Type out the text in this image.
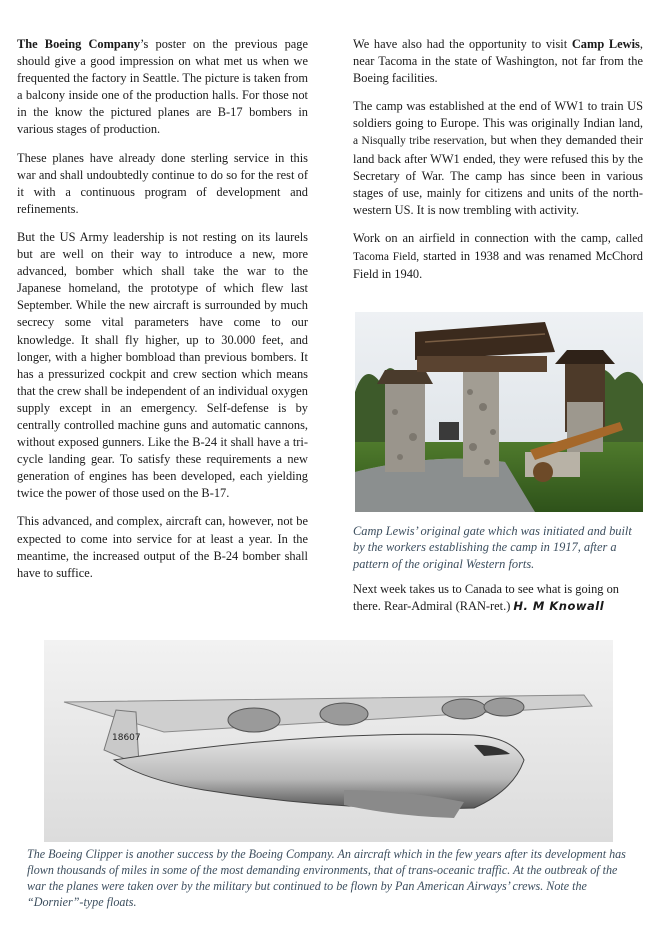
The Boeing Company’s poster on the previous page should give a good impression on what met us when we frequented the factory in Seattle. The picture is taken from a balcony inside one of the production halls. For those not in the know the pictured planes are B-17 bombers in various stages of production.

These planes have already done sterling service in this war and shall undoubtedly continue to do so for the rest of it with a continuous program of development and refinements.

But the US Army leadership is not resting on its laurels but are well on their way to introduce a new, more advanced, bomber which shall take the war to the Japanese homeland, the prototype of which flew last September. While the new aircraft is surrounded by much secrecy some vital parameters have come to our knowledge. It shall fly higher, up to 30.000 feet, and longer, with a higher bombload than previous bombers. It has a pressurized cockpit and crew section which means that the crew shall be independent of an individual oxygen supply except in an emergency. Self-defense is by centrally controlled machine guns and automatic cannons, without exposed gunners. Like the B-24 it shall have a tri-cycle landing gear. To satisfy these requirements a new generation of engines has been developed, each yielding twice the power of those used on the B-17.

This advanced, and complex, aircraft can, however, not be expected to come into service for at least a year. In the meantime, the increased output of the B-24 bomber shall have to suffice.

We have also had the opportunity to visit Camp Lewis, near Tacoma in the state of Washington, not far from the Boeing facilities.

The camp was established at the end of WW1 to train US soldiers going to Europe. This was originally Indian land, a Nisqually tribe reservation, but when they demanded their land back after WW1 ended, they were refused this by the Secretary of War. The camp has since been in various stages of use, mainly for citizens and units of the north-western US. It is now trembling with activity.

Work on an airfield in connection with the camp, called Tacoma Field, started in 1938 and was renamed McChord Field in 1940.

Camp Lewis’ original gate which was initiated and built by the workers establishing the camp in 1917, after a pattern of the original Western forts.
Next week takes us to Canada to see what is going on there. Rear-Admiral (RAN-ret.) H. M Knowall
18607
The Boeing Clipper is another success by the Boeing Company. An aircraft which in the few years after its development has flown thousands of miles in some of the most demanding environments, that of trans-oceanic traffic. At the outbreak of the war the planes were taken over by the military but continued to be flown by Pan American Airways’ crews. Note the “Dornier”-type floats.
